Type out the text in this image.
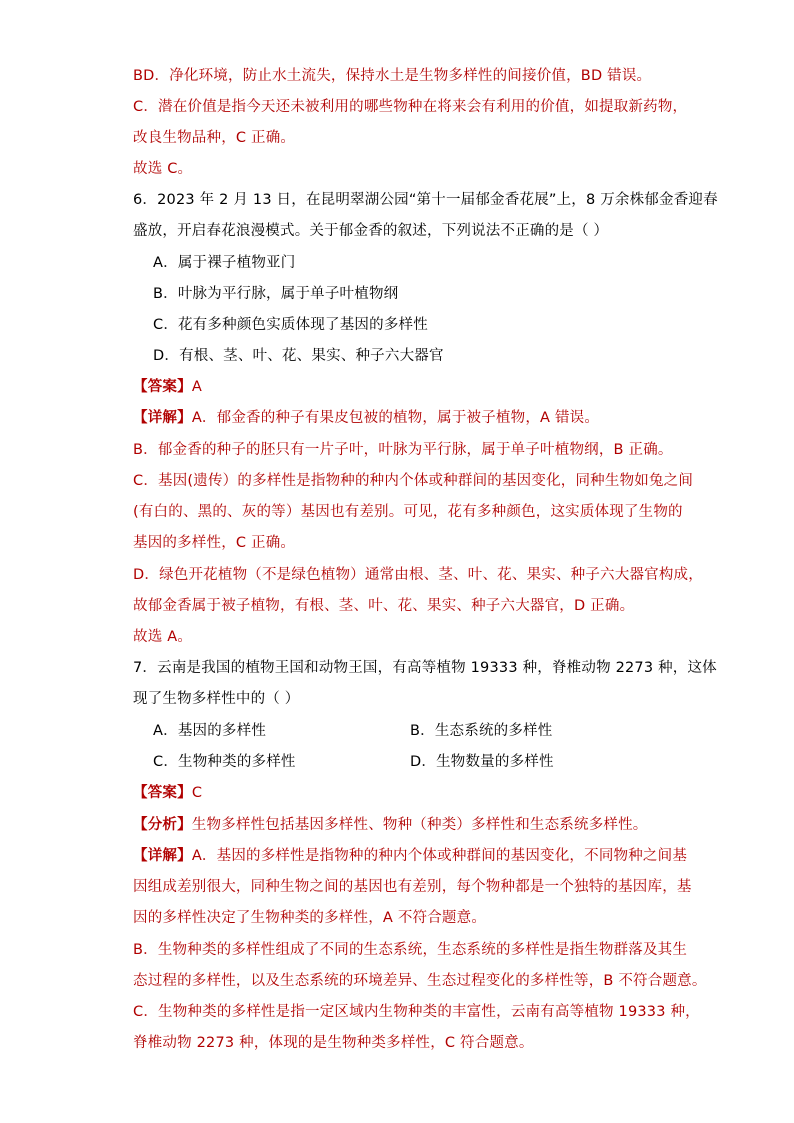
BD．净化环境，防止水土流失，保持水土是生物多样性的间接价值，BD 错误。
C．潜在价值是指今天还未被利用的哪些物种在将来会有利用的价值，如提取新药物，
改良生物品种，C 正确。
故选 C。
6．2023 年 2 月 13 日，在昆明翠湖公园“第十一届郁金香花展”上，8 万余株郁金香迎春
盛放，开启春花浪漫模式。关于郁金香的叙述，下列说法不正确的是（ ）
A．属于裸子植物亚门
B．叶脉为平行脉，属于单子叶植物纲
C．花有多种颜色实质体现了基因的多样性
D．有根、茎、叶、花、果实、种子六大器官
【答案】A
【详解】A．郁金香的种子有果皮包被的植物，属于被子植物，A 错误。
B．郁金香的种子的胚只有一片子叶，叶脉为平行脉，属于单子叶植物纲，B 正确。
C．基因(遗传）的多样性是指物种的种内个体或种群间的基因变化，同种生物如兔之间
(有白的、黑的、灰的等）基因也有差别。可见，花有多种颜色，这实质体现了生物的
基因的多样性，C 正确。
D．绿色开花植物（不是绿色植物）通常由根、茎、叶、花、果实、种子六大器官构成，
故郁金香属于被子植物，有根、茎、叶、花、果实、种子六大器官，D 正确。
故选 A。
7．云南是我国的植物王国和动物王国，有高等植物 19333 种，脊椎动物 2273 种，这体
现了生物多样性中的（ ）
A．基因的多样性	B．生态系统的多样性
C．生物种类的多样性	D．生物数量的多样性
【答案】C
【分析】生物多样性包括基因多样性、物种（种类）多样性和生态系统多样性。
【详解】A．基因的多样性是指物种的种内个体或种群间的基因变化，不同物种之间基
因组成差别很大，同种生物之间的基因也有差别，每个物种都是一个独特的基因库，基
因的多样性决定了生物种类的多样性，A 不符合题意。
B．生物种类的多样性组成了不同的生态系统，生态系统的多样性是指生物群落及其生
态过程的多样性，以及生态系统的环境差异、生态过程变化的多样性等，B 不符合题意。
C．生物种类的多样性是指一定区域内生物种类的丰富性，云南有高等植物 19333 种，
脊椎动物 2273 种，体现的是生物种类多样性，C 符合题意。
